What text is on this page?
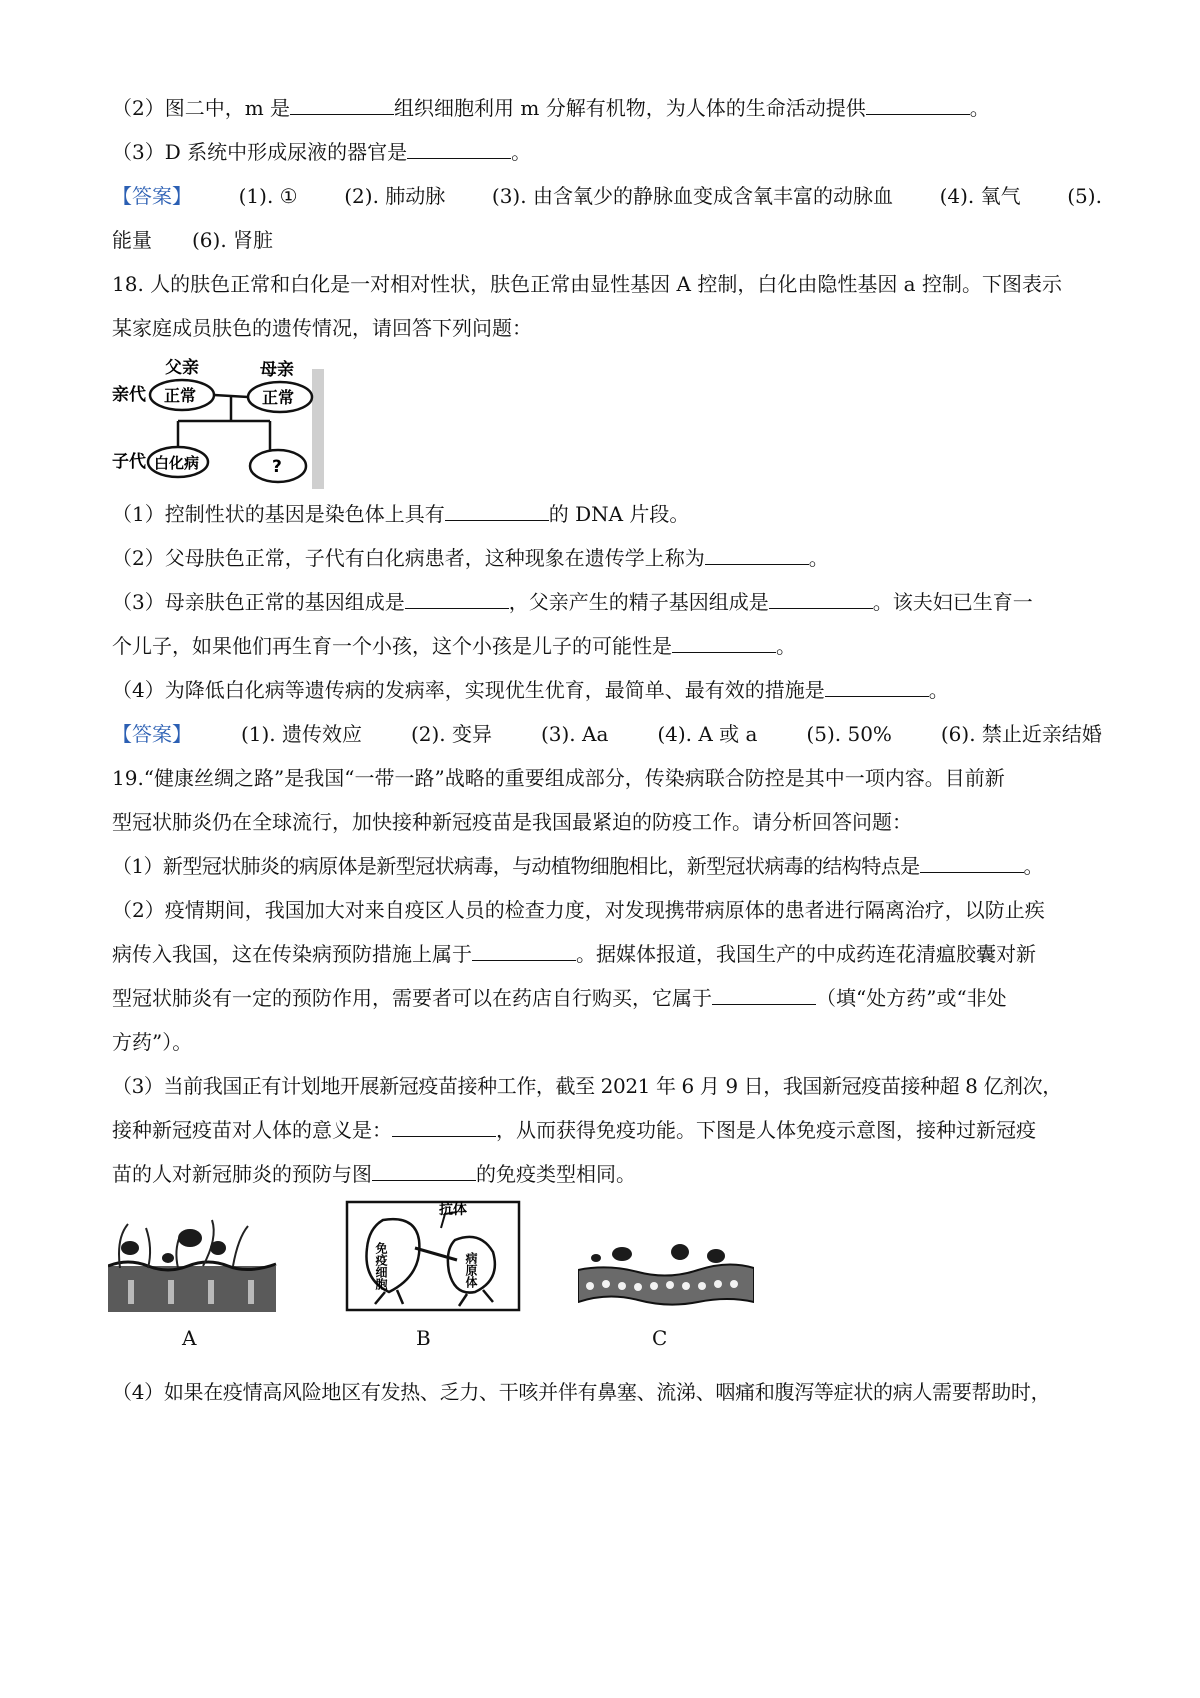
（2）图二中，m 是	组织细胞利用 m 分解有机物，为人体的生命活动提供	。
（3）D 系统中形成尿液的器官是	。
【答案】 (1). ① (2). 肺动脉 (3). 由含氧少的静脉血变成含氧丰富的动脉血 (4). 氧气 (5).
能量　　(6). 肾脏
18. 人的肤色正常和白化是一对相对性状，肤色正常由显性基因 A 控制，白化由隐性基因 a 控制。下图表示
某家庭成员肤色的遗传情况，请回答下列问题：
父亲	母亲
亲代 正常	正常
子代 白化病	?
（1）控制性状的基因是染色体上具有	的 DNA 片段。
（2）父母肤色正常，子代有白化病患者，这种现象在遗传学上称为	。
（3）母亲肤色正常的基因组成是	，父亲产生的精子基因组成是	。该夫妇已生育一
个儿子，如果他们再生育一个小孩，这个小孩是儿子的可能性是	。
（4）为降低白化病等遗传病的发病率，实现优生优育，最简单、最有效的措施是	。
【答案】 (1). 遗传效应 (2). 变异 (3). Aa (4). A 或 a (5). 50% (6). 禁止近亲结婚
19.“健康丝绸之路”是我国“一带一路”战略的重要组成部分，传染病联合防控是其中一项内容。目前新
型冠状肺炎仍在全球流行，加快接种新冠疫苗是我国最紧迫的防疫工作。请分析回答问题：
（1）新型冠状肺炎的病原体是新型冠状病毒，与动植物细胞相比，新型冠状病毒的结构特点是	。
（2）疫情期间，我国加大对来自疫区人员的检查力度，对发现携带病原体的患者进行隔离治疗，以防止疾
病传入我国，这在传染病预防措施上属于	。据媒体报道，我国生产的中成药连花清瘟胶囊对新
型冠状肺炎有一定的预防作用，需要者可以在药店自行购买，它属于	（填“处方药”或“非处
方药”）。
（3）当前我国正有计划地开展新冠疫苗接种工作，截至 2021 年 6 月 9 日，我国新冠疫苗接种超 8 亿剂次，
接种新冠疫苗对人体的意义是：	，从而获得免疫功能。下图是人体免疫示意图，接种过新冠疫
苗的人对新冠肺炎的预防与图	的免疫类型相同。
抗体
免疫细胞	病原体
A	B	C
（4）如果在疫情高风险地区有发热、乏力、干咳并伴有鼻塞、流涕、咽痛和腹泻等症状的病人需要帮助时，
